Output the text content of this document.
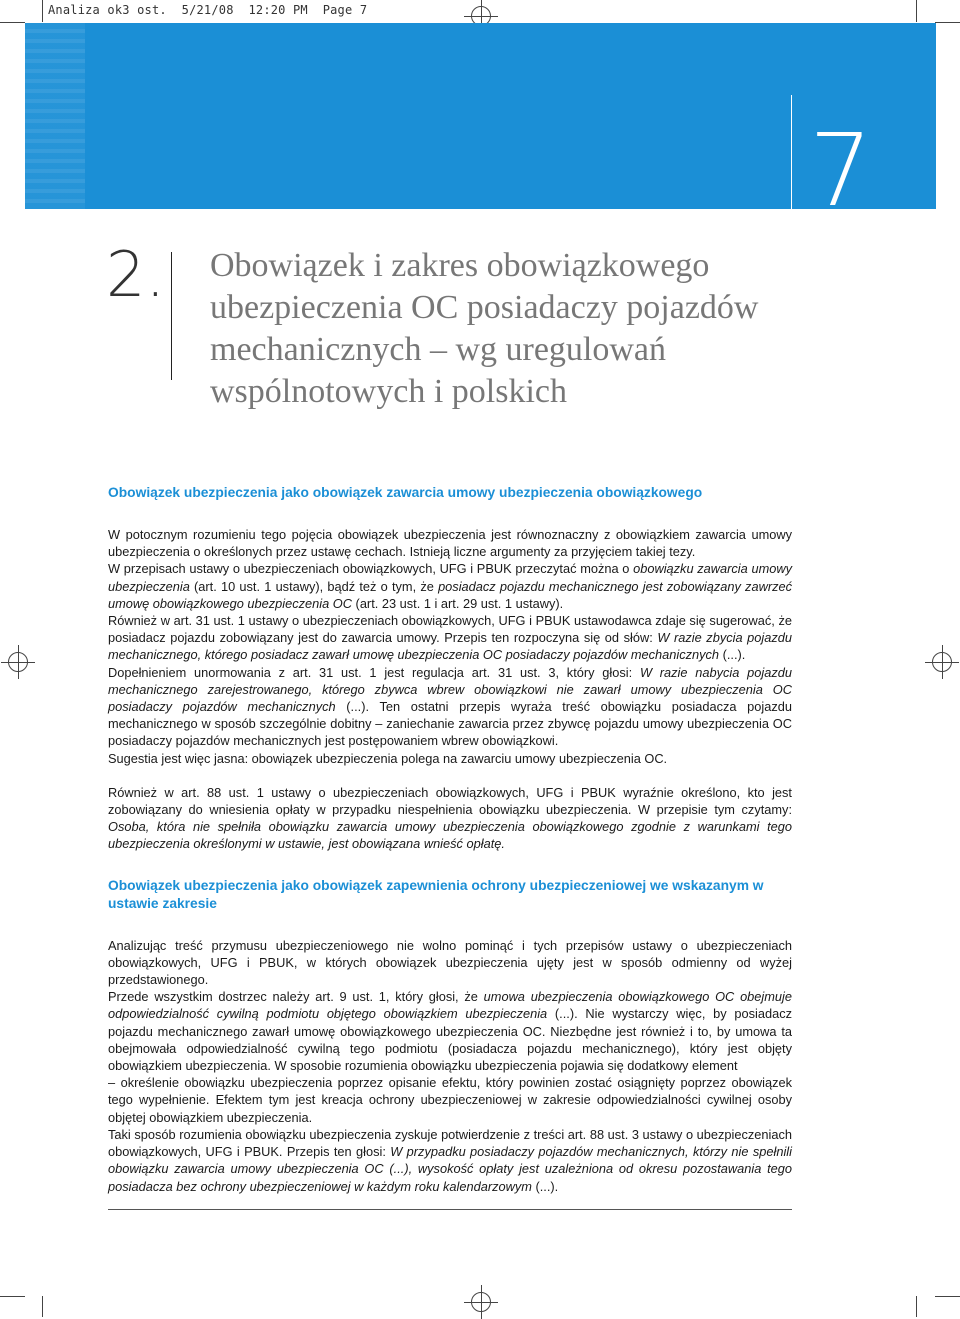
Analiza ok3 ost.  5/21/08  12:20 PM  Page 7
7
2. Obowiązek i zakres obowiązkowego
ubezpieczenia OC posiadaczy pojazdów
mechanicznych – wg uregulowań
wspólnotowych i polskich
Obowiązek ubezpieczenia jako obowiązek zawarcia umowy ubezpieczenia obowiązkowego

W potocznym rozumieniu tego pojęcia obowiązek ubezpieczenia jest równoznaczny z obowiązkiem zawarcia umowy ubezpieczenia o określonych przez ustawę cechach. Istnieją liczne argumenty za przyjęciem takiej tezy.

W przepisach ustawy o ubezpieczeniach obowiązkowych, UFG i PBUK przeczytać można o obowiązku zawarcia umowy ubezpieczenia (art. 10 ust. 1 ustawy), bądź też o tym, że posiadacz pojazdu mechanicznego jest zobowiązany zawrzeć umowę obowiązkowego ubezpieczenia OC (art. 23 ust. 1 i art. 29 ust. 1 ustawy).

Również w art. 31 ust. 1 ustawy o ubezpieczeniach obowiązkowych, UFG i PBUK ustawodawca zdaje się sugerować, że posiadacz pojazdu zobowiązany jest do zawarcia umowy. Przepis ten rozpoczyna się od słów: W razie zbycia pojazdu mechanicznego, którego posiadacz zawarł umowę ubezpieczenia OC posiadaczy pojazdów mechanicznych (...).

Dopełnieniem unormowania z art. 31 ust. 1 jest regulacja art. 31 ust. 3, który głosi: W razie nabycia pojazdu mechanicznego zarejestrowanego, którego zbywca wbrew obowiązkowi nie zawarł umowy ubezpieczenia OC posiadaczy pojazdów mechanicznych (...). Ten ostatni przepis wyraża treść obowiązku posiadacza pojazdu mechanicznego w sposób szczególnie dobitny – zaniechanie zawarcia przez zbywcę pojazdu umowy ubezpieczenia OC posiadaczy pojazdów mechanicznych jest postępowaniem wbrew obowiązkowi.

Sugestia jest więc jasna: obowiązek ubezpieczenia polega na zawarciu umowy ubezpieczenia OC.

Również w art. 88 ust. 1 ustawy o ubezpieczeniach obowiązkowych, UFG i PBUK wyraźnie określono, kto jest zobowiązany do wniesienia opłaty w przypadku niespełnienia obowiązku ubezpieczenia. W przepisie tym czytamy: Osoba, która nie spełniła obowiązku zawarcia umowy ubezpieczenia obowiązkowego zgodnie z warunkami tego ubezpieczenia określonymi w ustawie, jest obowiązana wnieść opłatę.

Obowiązek ubezpieczenia jako obowiązek zapewnienia ochrony ubezpieczeniowej we wskazanym w ustawie zakresie

Analizując treść przymusu ubezpieczeniowego nie wolno pominąć i tych przepisów ustawy o ubezpieczeniach obowiązkowych, UFG i PBUK, w których obowiązek ubezpieczenia ujęty jest w sposób odmienny od wyżej przedstawionego.

Przede wszystkim dostrzec należy art. 9 ust. 1, który głosi, że umowa ubezpieczenia obowiązkowego OC obejmuje odpowiedzialność cywilną podmiotu objętego obowiązkiem ubezpieczenia (...). Nie wystarczy więc, by posiadacz pojazdu mechanicznego zawarł umowę obowiązkowego ubezpieczenia OC. Niezbędne jest również i to, by umowa ta obejmowała odpowiedzialność cywilną tego podmiotu (posiadacza pojazdu mechanicznego), który jest objęty obowiązkiem ubezpieczenia. W sposobie rozumienia obowiązku ubezpieczenia pojawia się dodatkowy element

– określenie obowiązku ubezpieczenia poprzez opisanie efektu, który powinien zostać osiągnięty poprzez obowiązek tego wypełnienie. Efektem tym jest kreacja ochrony ubezpieczeniowej w zakresie odpowiedzialności cywilnej osoby objętej obowiązkiem ubezpieczenia.

Taki sposób rozumienia obowiązku ubezpieczenia zyskuje potwierdzenie z treści art. 88 ust. 3 ustawy o ubezpieczeniach obowiązkowych, UFG i PBUK. Przepis ten głosi: W przypadku posiadaczy pojazdów mechanicznych, którzy nie spełnili obowiązku zawarcia umowy ubezpieczenia OC (...), wysokość opłaty jest uzależniona od okresu pozostawania tego posiadacza bez ochrony ubezpieczeniowej w każdym roku kalendarzowym (...).
